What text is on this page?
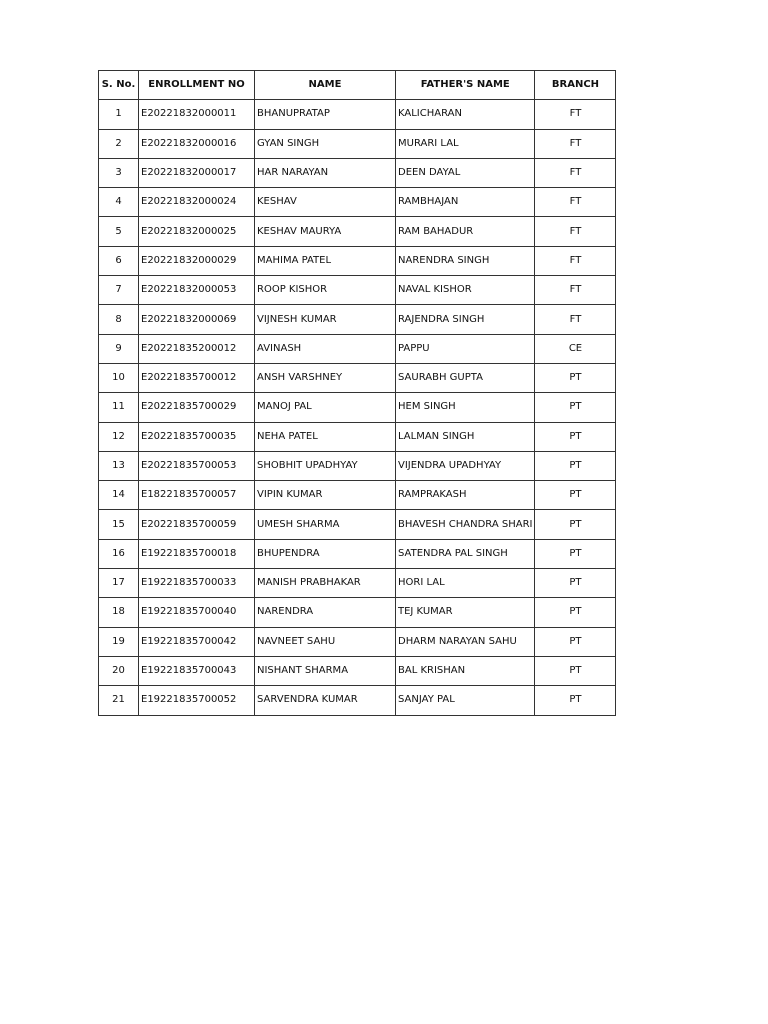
S. No.	ENROLLMENT NO	NAME	FATHER'S NAME	BRANCH
1	E20221832000011	BHANUPRATAP	KALICHARAN	FT
2	E20221832000016	GYAN SINGH	MURARI LAL	FT
3	E20221832000017	HAR NARAYAN	DEEN DAYAL	FT
4	E20221832000024	KESHAV	RAMBHAJAN	FT
5	E20221832000025	KESHAV MAURYA	RAM BAHADUR	FT
6	E20221832000029	MAHIMA PATEL	NARENDRA SINGH	FT
7	E20221832000053	ROOP KISHOR	NAVAL KISHOR	FT
8	E20221832000069	VIJNESH KUMAR	RAJENDRA SINGH	FT
9	E20221835200012	AVINASH	PAPPU	CE
10	E20221835700012	ANSH VARSHNEY	SAURABH GUPTA	PT
11	E20221835700029	MANOJ PAL	HEM SINGH	PT
12	E20221835700035	NEHA PATEL	LALMAN SINGH	PT
13	E20221835700053	SHOBHIT UPADHYAY	VIJENDRA UPADHYAY	PT
14	E18221835700057	VIPIN KUMAR	RAMPRAKASH	PT
15	E20221835700059	UMESH SHARMA	BHAVESH CHANDRA SHARI	PT
16	E19221835700018	BHUPENDRA	SATENDRA PAL SINGH	PT
17	E19221835700033	MANISH PRABHAKAR	HORI LAL	PT
18	E19221835700040	NARENDRA	TEJ KUMAR	PT
19	E19221835700042	NAVNEET SAHU	DHARM NARAYAN SAHU	PT
20	E19221835700043	NISHANT SHARMA	BAL KRISHAN	PT
21	E19221835700052	SARVENDRA KUMAR	SANJAY PAL	PT
